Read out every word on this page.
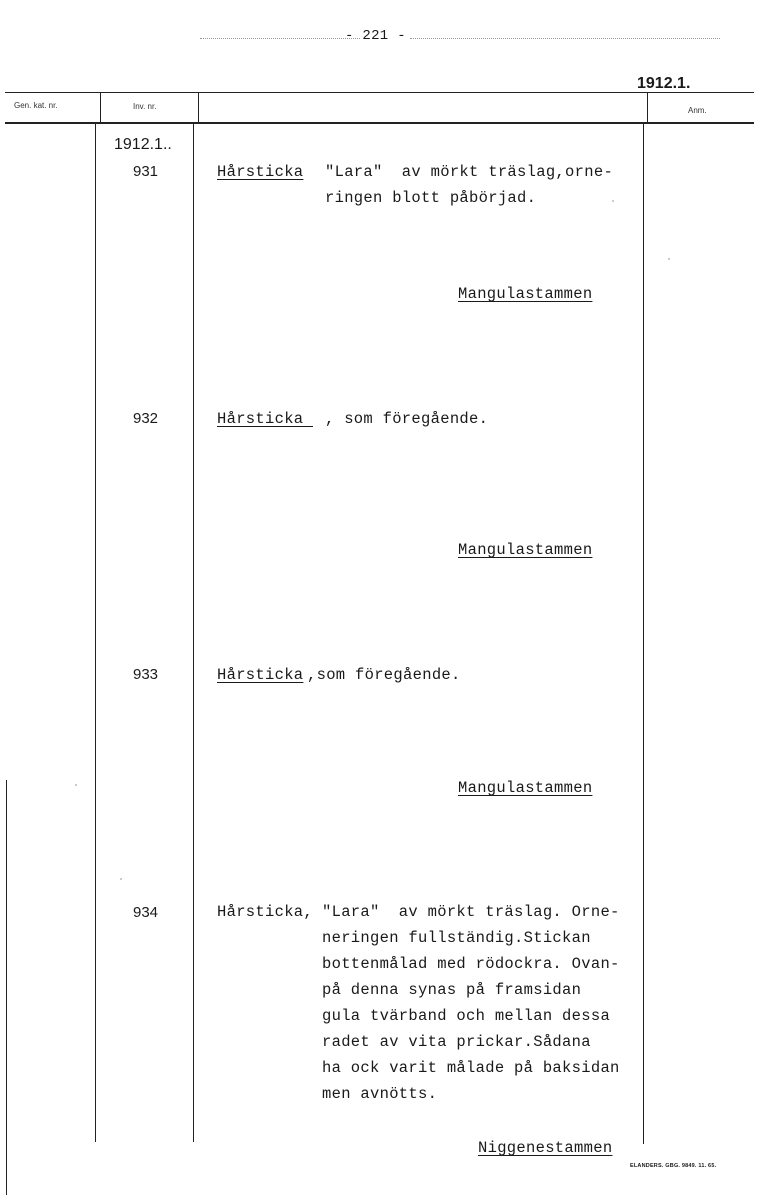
- 221 -
1912.1.
Gen. kat. nr.	Inv. nr.	Anm.
1912.1..
931	Hårsticka "Lara"  av mörkt träslag,orne-
ringen blott påbörjad.
Mangulastammen
932	Hårsticka , som föregående.
Mangulastammen
933	Hårsticka ,som föregående.
Mangulastammen
934	Hårsticka, "Lara"  av mörkt träslag. Orne-
neringen fullständig.Stickan
bottenmålad med rödockra. Ovan-
på denna synas på framsidan
gula tvärband och mellan dessa
radet av vita prickar.Sådana
ha ock varit målade på baksidan
men avnötts.
Niggenestammen
ELANDERS. GBG. 9849. 11. 65.
